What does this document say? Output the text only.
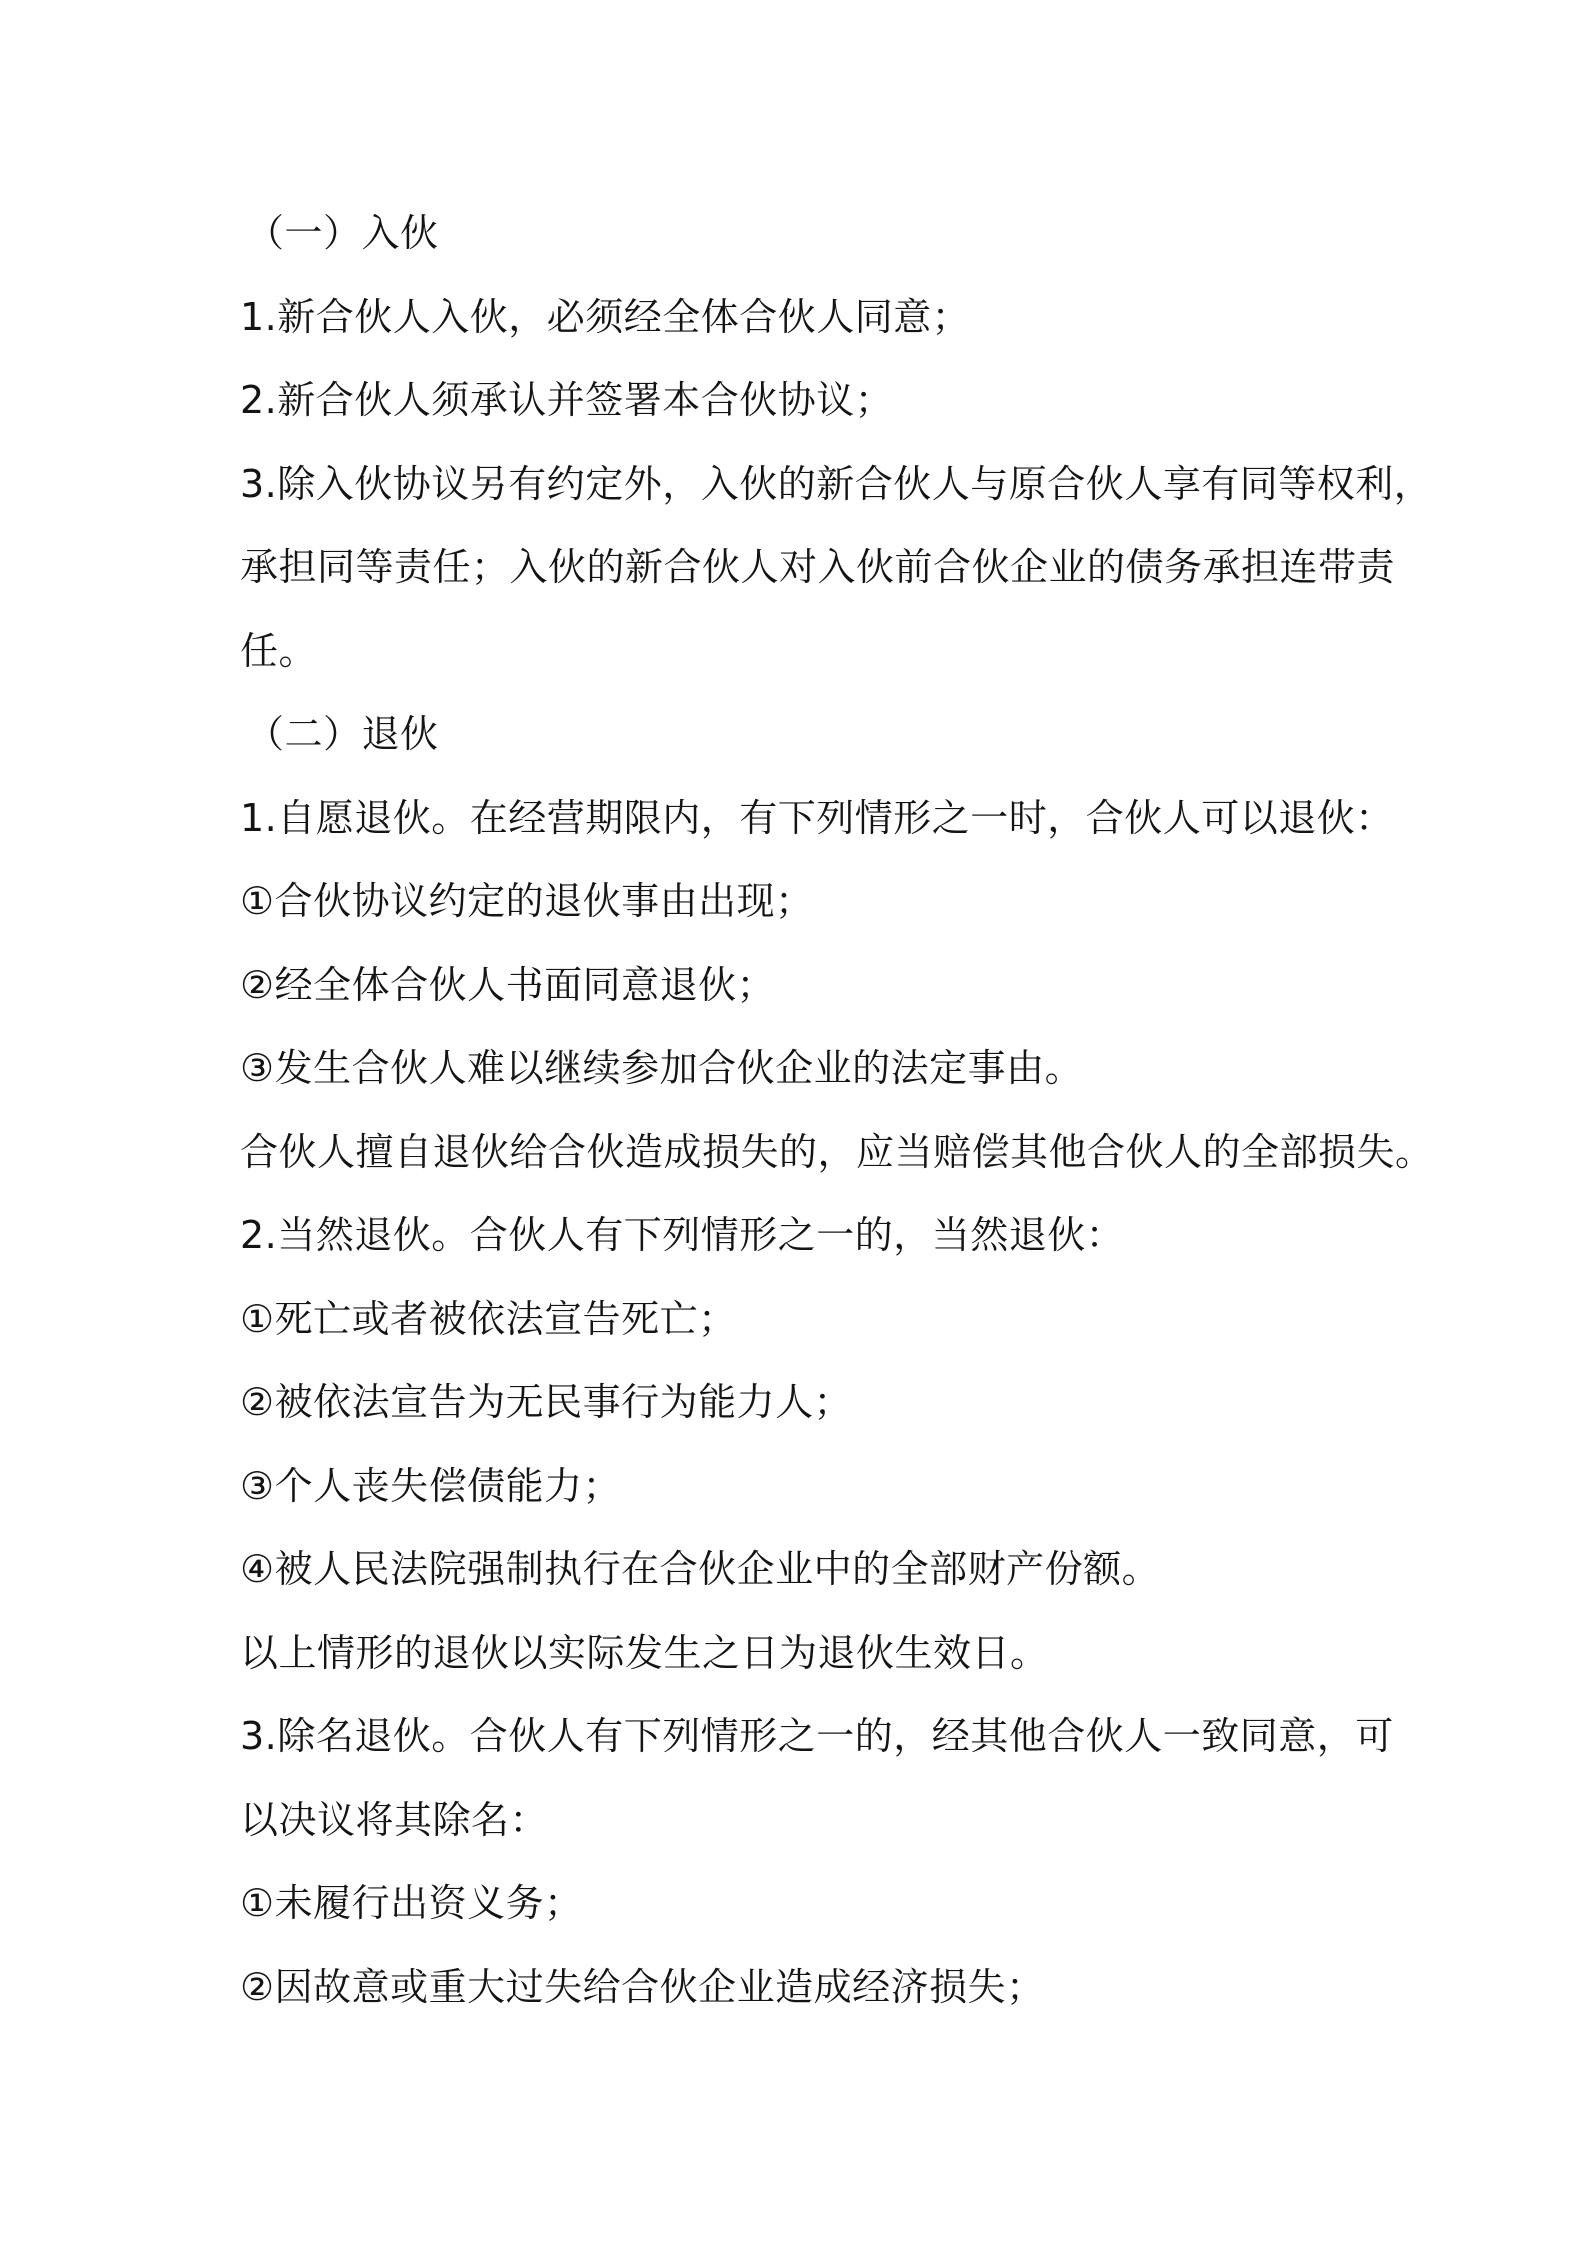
（一）入伙
1.新合伙人入伙，必须经全体合伙人同意；
2.新合伙人须承认并签署本合伙协议；
3.除入伙协议另有约定外，入伙的新合伙人与原合伙人享有同等权利，
承担同等责任；入伙的新合伙人对入伙前合伙企业的债务承担连带责
任。
（二）退伙
1.自愿退伙。在经营期限内，有下列情形之一时，合伙人可以退伙：
①合伙协议约定的退伙事由出现；
②经全体合伙人书面同意退伙；
③发生合伙人难以继续参加合伙企业的法定事由。
合伙人擅自退伙给合伙造成损失的，应当赔偿其他合伙人的全部损失。
2.当然退伙。合伙人有下列情形之一的，当然退伙：
①死亡或者被依法宣告死亡；
②被依法宣告为无民事行为能力人；
③个人丧失偿债能力；
④被人民法院强制执行在合伙企业中的全部财产份额。
以上情形的退伙以实际发生之日为退伙生效日。
3.除名退伙。合伙人有下列情形之一的，经其他合伙人一致同意，可
以决议将其除名：
①未履行出资义务；
②因故意或重大过失给合伙企业造成经济损失；
